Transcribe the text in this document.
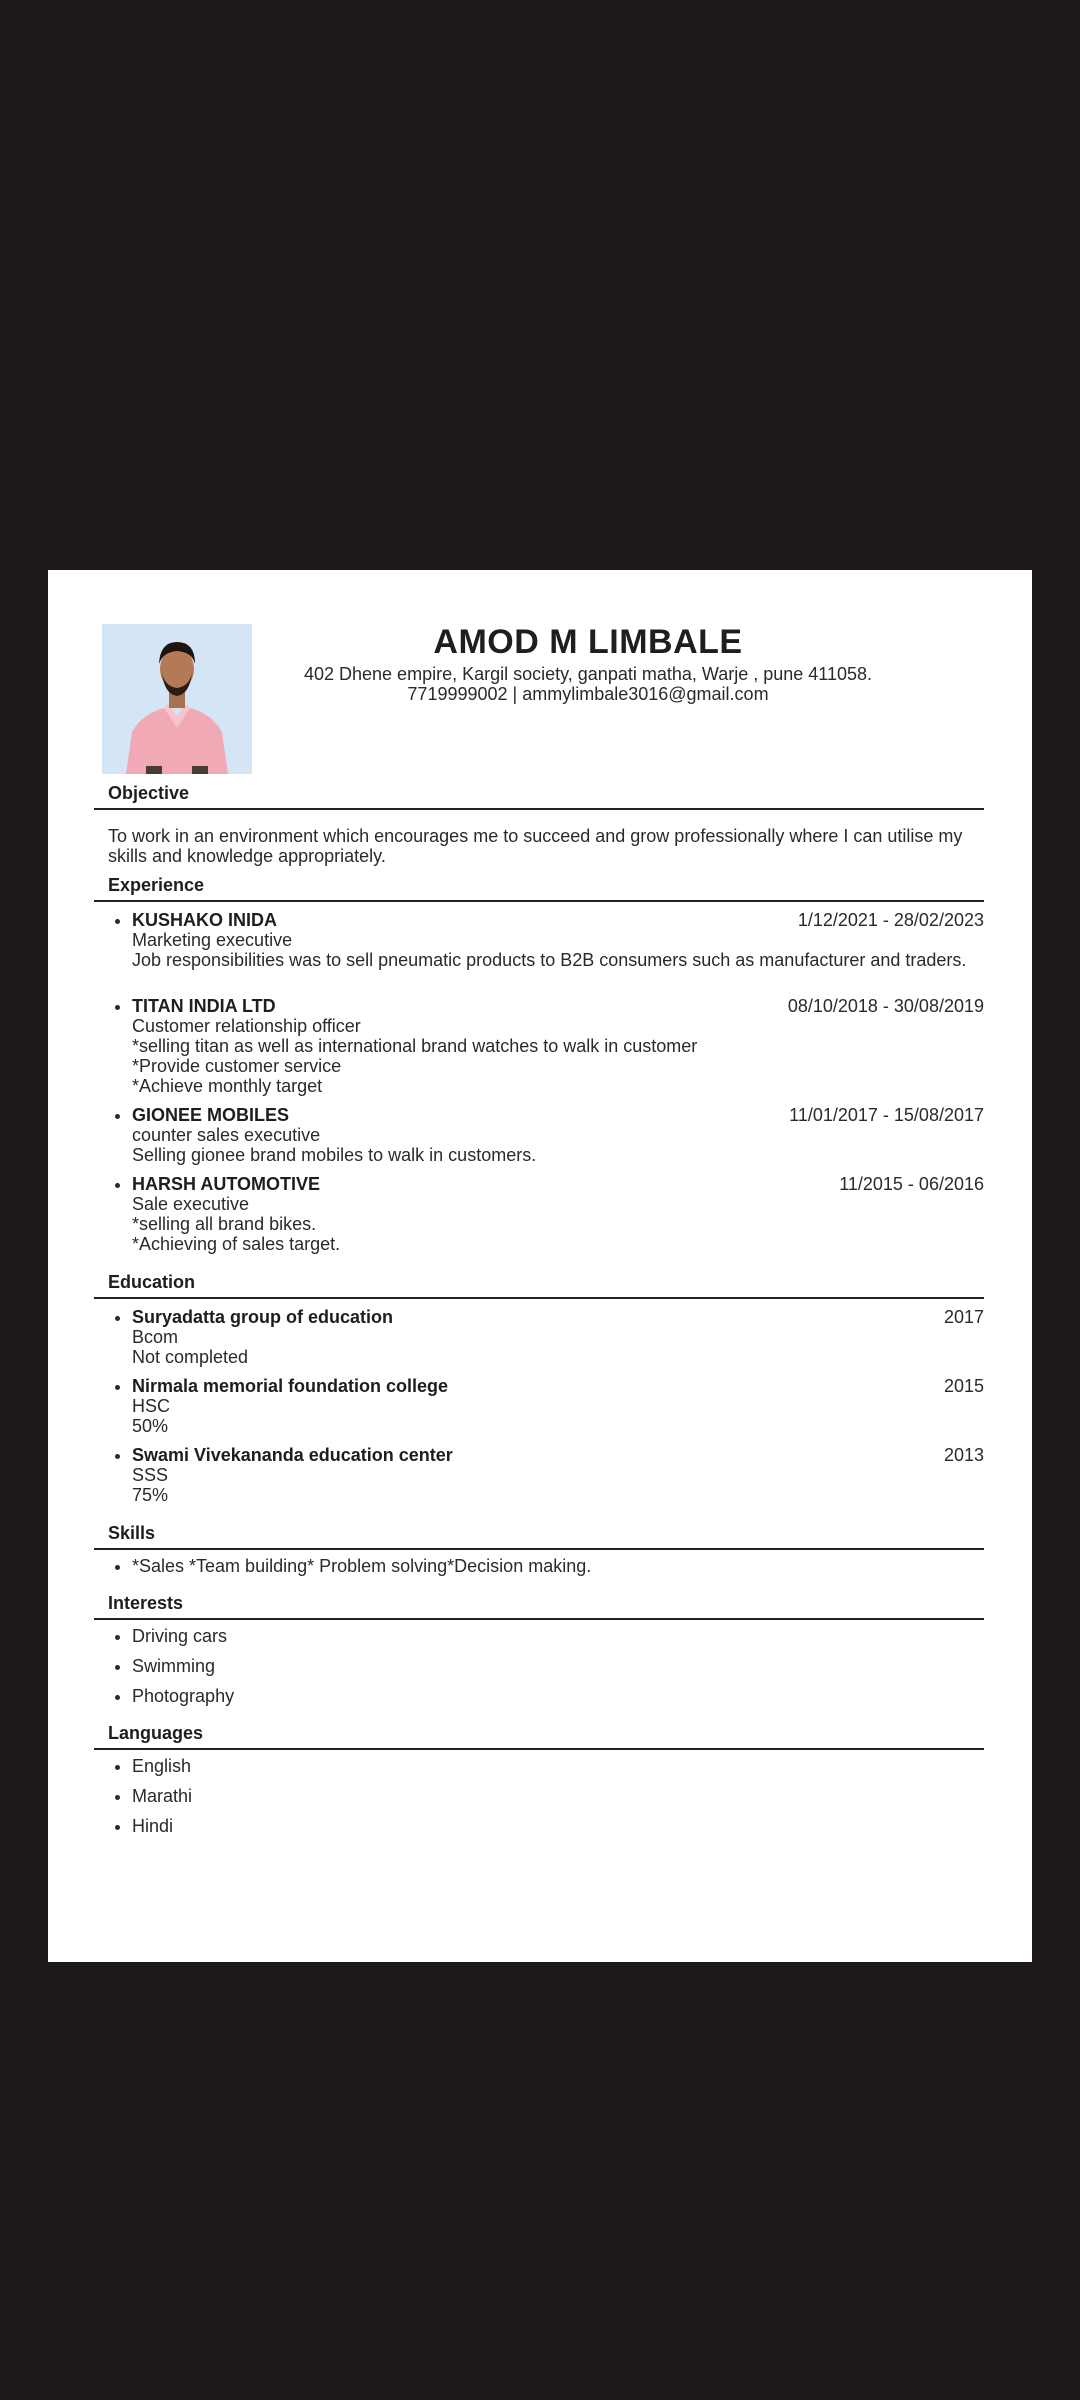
AMOD M LIMBALE
402 Dhene empire, Kargil society, ganpati matha, Warje , pune 411058.
7719999002 | ammylimbale3016@gmail.com
Objective
To work in an environment which encourages me to succeed and grow professionally where I can utilise my skills and knowledge appropriately.
Experience
• KUSHAKO INIDA	1/12/2021 - 28/02/2023
Marketing executive
Job responsibilities was to sell pneumatic products to B2B consumers such as manufacturer and traders.
• TITAN INDIA LTD	08/10/2018 - 30/08/2019
Customer relationship officer
*selling titan as well as international brand watches to walk in customer
*Provide customer service
*Achieve monthly target
• GIONEE MOBILES	11/01/2017 - 15/08/2017
counter sales executive
Selling gionee brand mobiles to walk in customers.
• HARSH AUTOMOTIVE	11/2015 - 06/2016
Sale executive
*selling all brand bikes.
*Achieving of sales target.
Education
• Suryadatta group of education	2017
Bcom
Not completed
• Nirmala memorial foundation college	2015
HSC
50%
• Swami Vivekananda education center	2013
SSS
75%
Skills
• *Sales *Team building* Problem solving*Decision making.
Interests
• Driving cars
• Swimming
• Photography
Languages
• English
• Marathi
• Hindi
